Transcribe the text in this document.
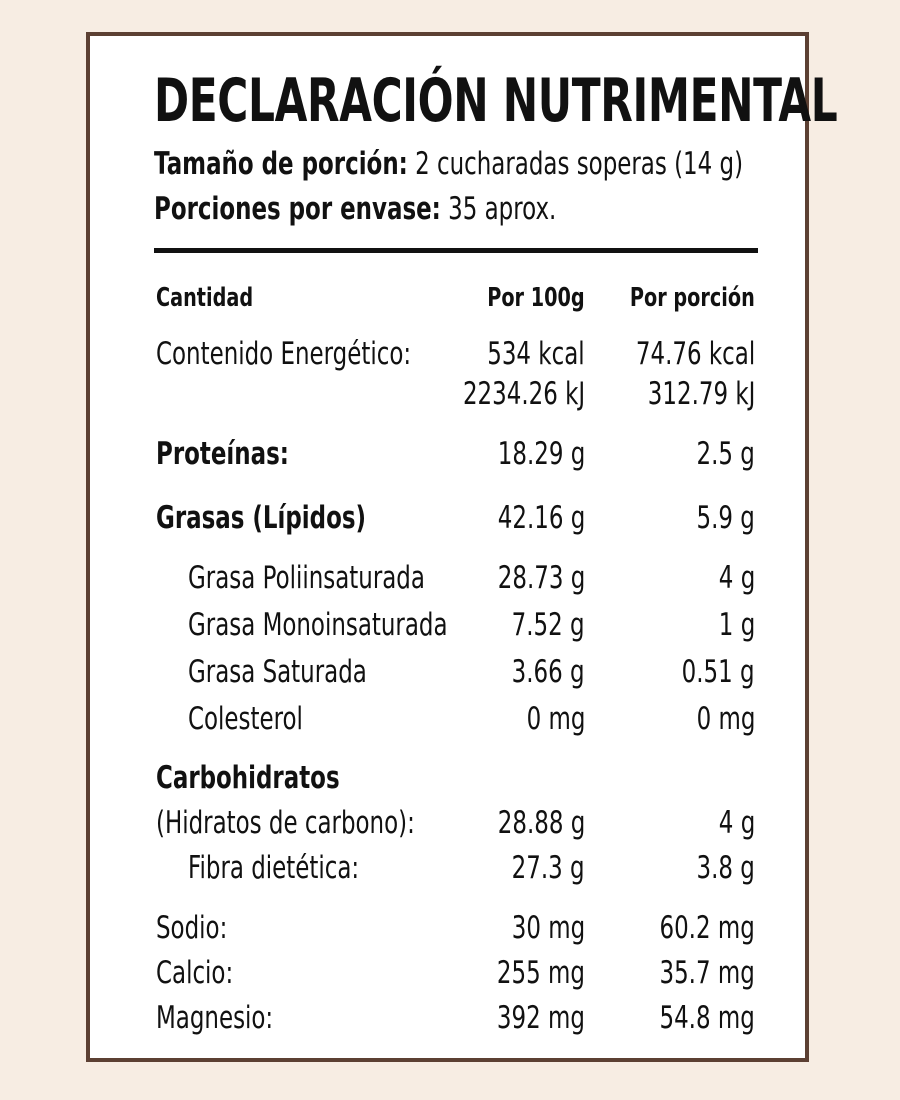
DECLARACIÓN NUTRIMENTAL
Tamaño de porción: 2 cucharadas soperas (14 g)
Porciones por envase: 35 aprox.
Cantidad	Por 100g	Por porción
Contenido Energético:	534 kcal	74.76 kcal
2234.26 kJ	312.79 kJ
Proteínas:	18.29 g	2.5 g
Grasas (Lípidos)	42.16 g	5.9 g
Grasa Poliinsaturada	28.73 g	4 g
Grasa Monoinsaturada	7.52 g	1 g
Grasa Saturada	3.66 g	0.51 g
Colesterol	0 mg	0 mg
Carbohidratos
(Hidratos de carbono):	28.88 g	4 g
Fibra dietética:	27.3 g	3.8 g
Sodio:	30 mg	60.2 mg
Calcio:	255 mg	35.7 mg
Magnesio:	392 mg	54.8 mg
